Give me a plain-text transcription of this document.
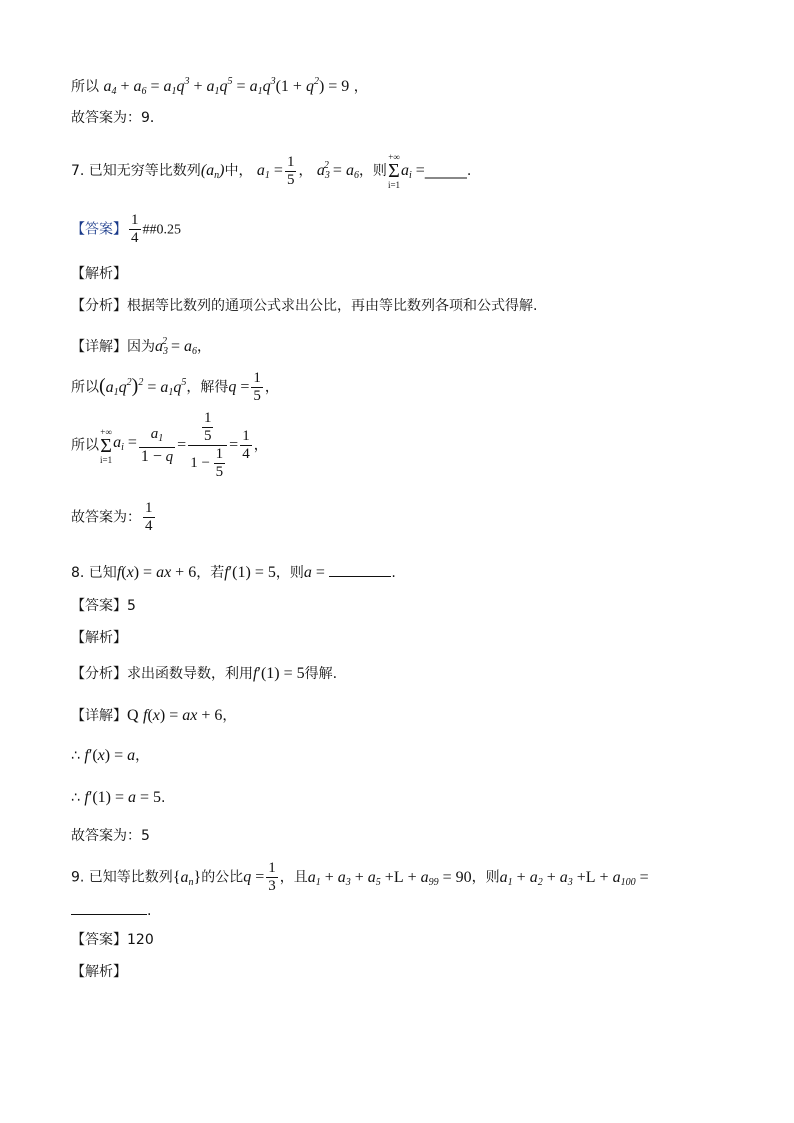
所以 $a_4 + a_6 = a_1q^3 + a_1q^5 = a_1q^3(1 + q^2) = 9$ ，
故答案为：9．
7. 已知无穷等比数列$(a_n)$中， $a_1 = \frac{1}{5}$ ， $a_3^2 = a_6$，则
+∞
Σ
i=1
$a_i$ =______.
【答案】 $\frac{1}{4}$ ##0.25
【解析】
【分析】根据等比数列的通项公式求出公比，再由等比数列各项和公式得解.
【详解】因为$a_3^2 = a_6$，
所以$(a_1q^2)^2 = a_1q^5$，解得$q = \frac{1}{5}$ ，
所以
+∞
Σ
i=1
$a_i = \frac{a_1}{1 - q} = \frac{\frac{1}{5}}{1 - \frac{1}{5}} = \frac{1}{4}$ ，
故答案为： $\frac{1}{4}$
8. 已知f(x) = ax + 6，若f′(1) = 5，则a =	.
【答案】5
【解析】
【分析】求出函数导数，利用f′(1) = 5得解.
【详解】Q f(x) = ax + 6，
∴ f′(x) = a，
∴ f′(1) = a = 5.
故答案为：5
9. 已知等比数列$\{a_n\}$的公比$q = \frac{1}{3}$ ，且$a_1 + a_3 + a_5 +L + a_{99} = 90$，则$a_1 + a_2 + a_3 +L + a_{100}$ =
.
【答案】120
【解析】
